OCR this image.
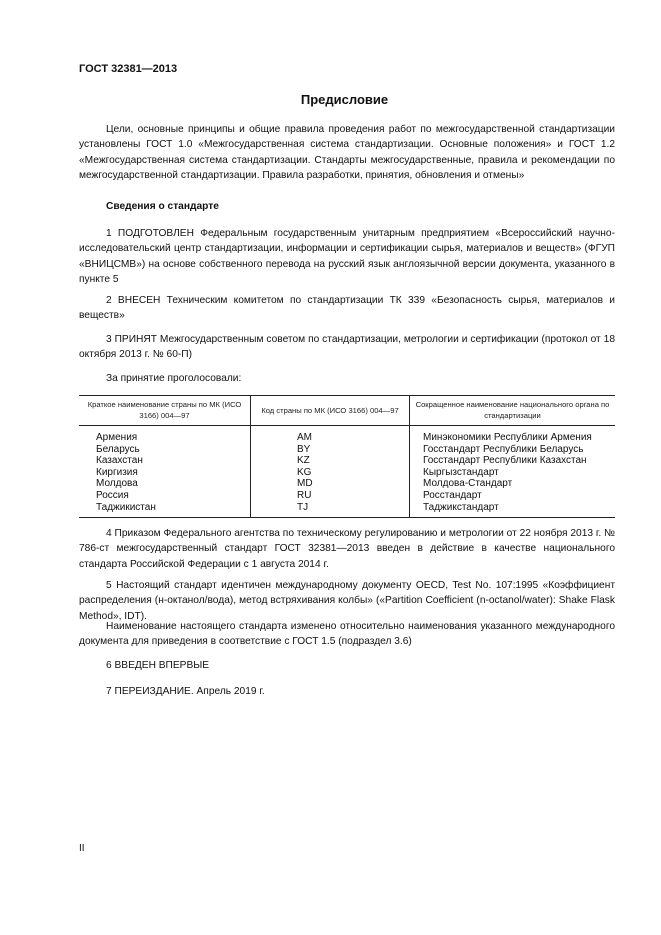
ГОСТ 32381—2013
Предисловие

Цели, основные принципы и общие правила проведения работ по межгосударственной стандартизации установлены ГОСТ 1.0 «Межгосударственная система стандартизации. Основные положения» и ГОСТ 1.2 «Межгосударственная система стандартизации. Стандарты межгосударственные, правила и рекомендации по межгосударственной стандартизации. Правила разработки, принятия, обновления и отмены»

Сведения о стандарте

1 ПОДГОТОВЛЕН Федеральным государственным унитарным предприятием «Всероссийский научно-исследовательский центр стандартизации, информации и сертификации сырья, материалов и веществ» (ФГУП «ВНИЦСМВ») на основе собственного перевода на русский язык англоязычной версии документа, указанного в пункте 5

2 ВНЕСЕН Техническим комитетом по стандартизации ТК 339 «Безопасность сырья, материалов и веществ»

3 ПРИНЯТ Межгосударственным советом по стандартизации, метрологии и сертификации (протокол от 18 октября 2013 г. № 60-П)

За принятие проголосовали:
Краткое наименование страны по МК (ИСО 3166) 004—97	Код страны по МК (ИСО 3166) 004—97	Сокращенное наименование национального органа по стандартизации
Армения	AM	Минэкономики Республики Армения
Беларусь	BY	Госстандарт Республики Беларусь
Казахстан	KZ	Госстандарт Республики Казахстан
Киргизия	KG	Кыргызстандарт
Молдова	MD	Молдова-Стандарт
Россия	RU	Росстандарт
Таджикистан	TJ	Таджикстандарт

4 Приказом Федерального агентства по техническому регулированию и метрологии от 22 ноября 2013 г. № 786-ст межгосударственный стандарт ГОСТ 32381—2013 введен в действие в качестве национального стандарта Российской Федерации с 1 августа 2014 г.

5 Настоящий стандарт идентичен международному документу OECD, Test No. 107:1995 «Коэффициент распределения (н-октанол/вода), метод встряхивания колбы» («Partition Coefficient (n-octanol/water): Shake Flask Method», IDT).

Наименование настоящего стандарта изменено относительно наименования указанного международного документа для приведения в соответствие с ГОСТ 1.5 (подраздел 3.6)

6 ВВЕДЕН ВПЕРВЫЕ
7 ПЕРЕИЗДАНИЕ. Апрель 2019 г.
II
